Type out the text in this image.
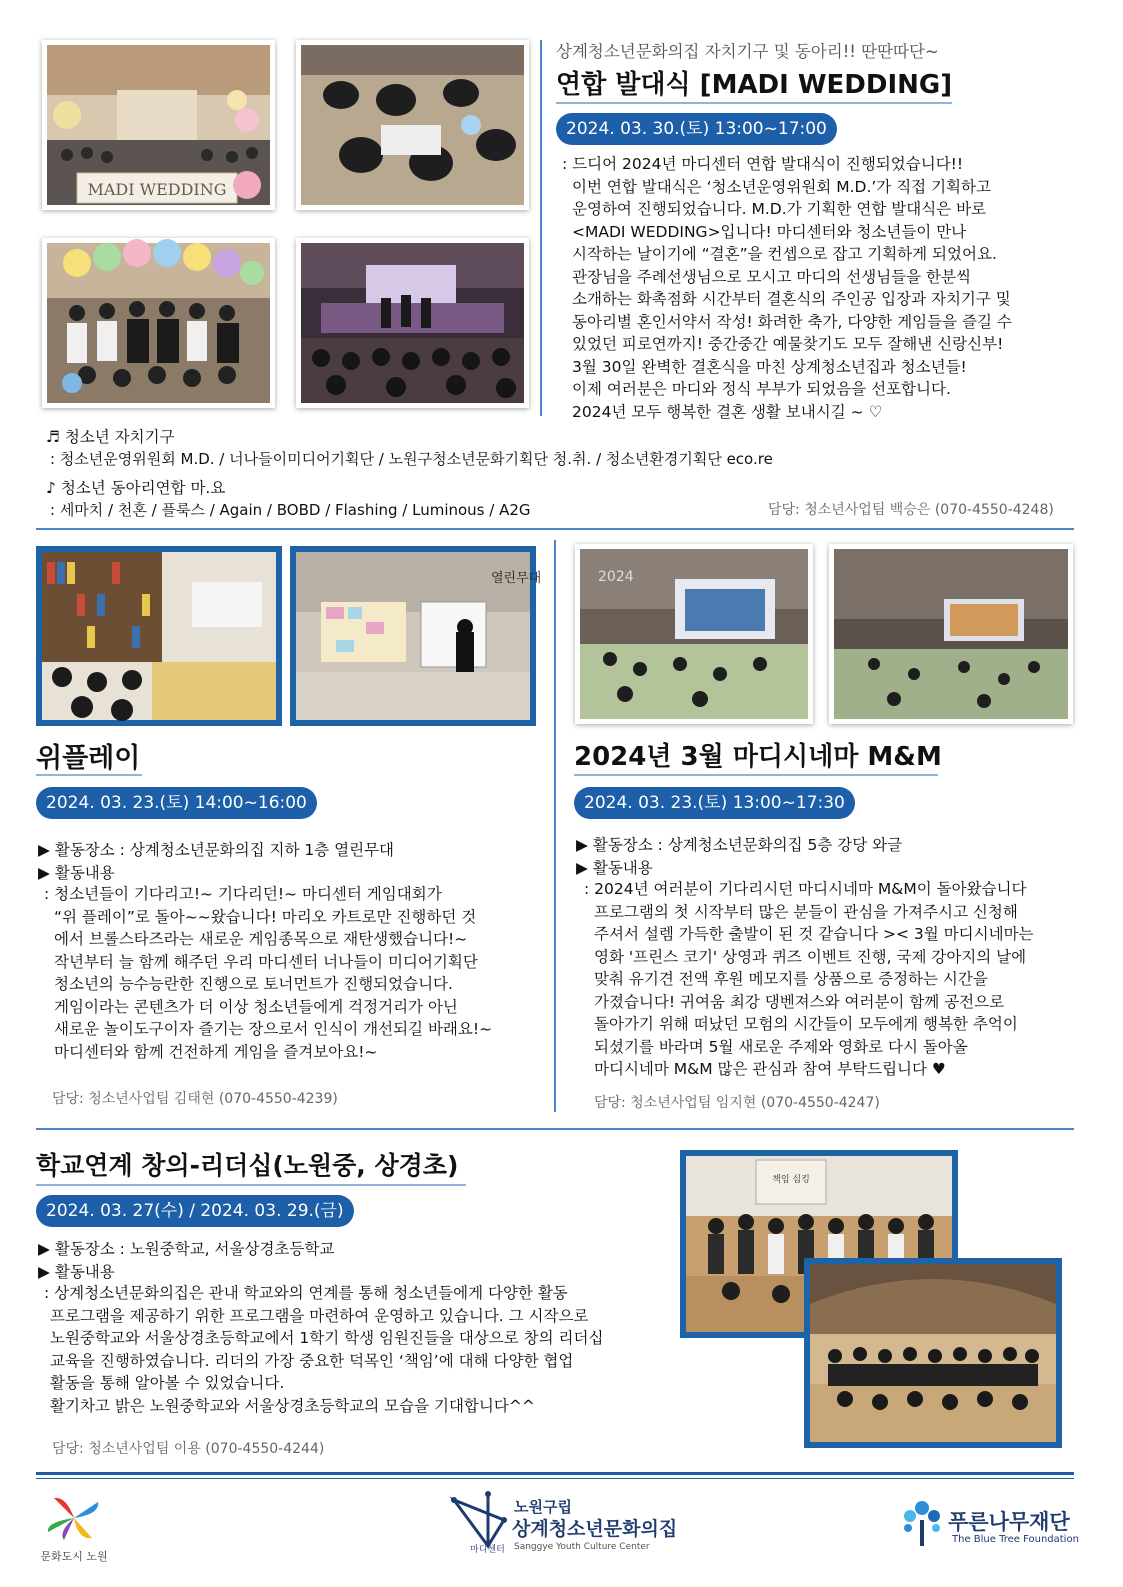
MADI WEDDING
상계청소년문화의집 자치기구 및 동아리!! 딴딴따단~
연합 발대식 [MADI WEDDING]
2024. 03. 30.(토) 13:00~17:00

: 드디어 2024년 마디센터 연합 발대식이 진행되었습니다!!

이번 연합 발대식은 ‘청소년운영위원회 M.D.’가 직접 기획하고

운영하여 진행되었습니다. M.D.가 기획한 연합 발대식은 바로

<MADI WEDDING>입니다! 마디센터와 청소년들이 만나

시작하는 날이기에 “결혼”을 컨셉으로 잡고 기획하게 되었어요.

관장님을 주례선생님으로 모시고 마디의 선생님들을 한분씩

소개하는 화촉점화 시간부터 결혼식의 주인공 입장과 자치기구 및

동아리별 혼인서약서 작성! 화려한 축가, 다양한 게임들을 즐길 수

있었던 피로연까지! 중간중간 예물찾기도 모두 잘해낸 신랑신부!

3월 30일 완벽한 결혼식을 마친 상계청소년집과 청소년들!

이제 여러분은 마디와 정식 부부가 되었음을 선포합니다.

2024년 모두 행복한 결혼 생활 보내시길 ~ ♡

♬ 청소년 자치기구
: 청소년운영위원회 M.D. / 너나들이미디어기획단 / 노원구청소년문화기획단 청.취. / 청소년환경기획단 eco.re
♪ 청소년 동아리연합 마.요
: 세마치 / 천혼 / 플룩스 / Again / BOBD / Flashing / Luminous / A2G	담당: 청소년사업팀 백승은 (070-4550-4248)
열린무대
위플레이
2024. 03. 23.(토) 14:00~16:00
▶ 활동장소 : 상계청소년문화의집 지하 1층 열린무대
▶ 활동내용

: 청소년들이 기다리고!~ 기다리던!~ 마디센터 게임대회가

“위 플레이”로 돌아~~왔습니다! 마리오 카트로만 진행하던 것

에서 브롤스타즈라는 새로운 게임종목으로 재탄생했습니다!~

작년부터 늘 함께 해주던 우리 마디센터 너나들이 미디어기획단

청소년의 능수능란한 진행으로 토너먼트가 진행되었습니다.

게임이라는 콘텐츠가 더 이상 청소년들에게 걱정거리가 아닌

새로운 놀이도구이자 즐기는 장으로서 인식이 개선되길 바래요!~

마디센터와 함께 건전하게 게임을 즐겨보아요!~

담당: 청소년사업팀 김태현 (070-4550-4239)
2024
2024년 3월 마디시네마 M&M
2024. 03. 23.(토) 13:00~17:30
▶ 활동장소 : 상계청소년문화의집 5층 강당 와글
▶ 활동내용

: 2024년 여러분이 기다리시던 마디시네마 M&M이 돌아왔습니다

프로그램의 첫 시작부터 많은 분들이 관심을 가져주시고 신청해

주셔서 설렘 가득한 출발이 된 것 같습니다 >< 3월 마디시네마는

영화 '프린스 코기' 상영과 퀴즈 이벤트 진행, 국제 강아지의 날에

맞춰 유기견 전액 후원 메모지를 상품으로 증정하는 시간을

가졌습니다! 귀여움 최강 댕벤져스와 여러분이 함께 공전으로

돌아가기 위해 떠났던 모험의 시간들이 모두에게 행복한 추억이

되셨기를 바라며 5월 새로운 주제와 영화로 다시 돌아올

마디시네마 M&M 많은 관심과 참여 부탁드립니다 ♥

담당: 청소년사업팀 임지현 (070-4550-4247)
학교연계 창의-리더십(노원중, 상경초)
2024. 03. 27(수) / 2024. 03. 29.(금)
▶ 활동장소 : 노원중학교, 서울상경초등학교
▶ 활동내용

: 상계청소년문화의집은 관내 학교와의 연계를 통해 청소년들에게 다양한 활동

프로그램을 제공하기 위한 프로그램을 마련하여 운영하고 있습니다. 그 시작으로

노원중학교와 서울상경초등학교에서 1학기 학생 임원진들을 대상으로 창의 리더십

교육을 진행하였습니다. 리더의 가장 중요한 덕목인 ‘책임’에 대해 다양한 협업

활동을 통해 알아볼 수 있었습니다.

활기차고 밝은 노원중학교와 서울상경초등학교의 모습을 기대합니다^^

담당: 청소년사업팀 이용 (070-4550-4244)
책임 십킹
문화도시 노원
노원구립
상계청소년문화의집
마디센터 Sanggye Youth Culture Center
푸른나무재단
The Blue Tree Foundation
